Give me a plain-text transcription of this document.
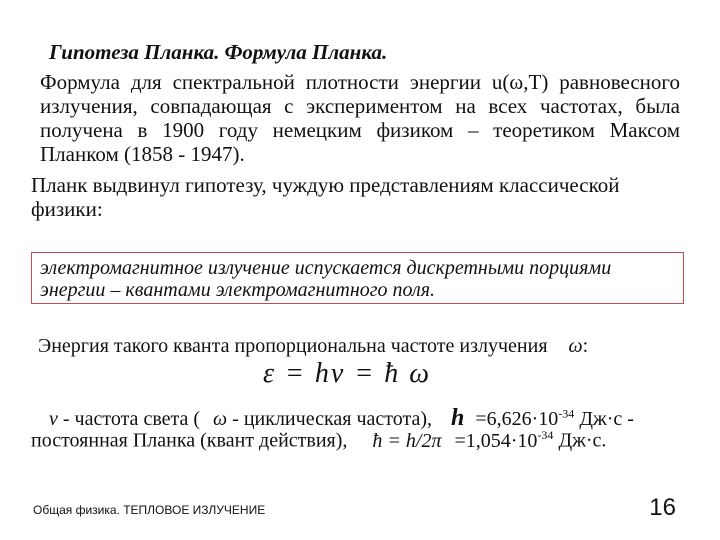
Гипотеза Планка. Формула Планка.
Формула для спектральной плотности энергии u(ω,T) равновесного излучения, совпадающая с экспериментом на всех частотах, была получена в 1900 году немецким физиком – теоретиком Максом Планком (1858 - 1947).
Планк выдвинул гипотезу, чуждую представлениям классической физики:
электромагнитное излучение испускается дискретными порциями энергии – квантами электромагнитного поля.
Энергия такого кванта пропорциональна частоте излучения ω:
ε = hν = ħ ω
ν - частота света ( ω - циклическая частота), $h =6,626\cdot 10^{-34}$ Дж·с -
постоянная Планка (квант действия), ħ = $h/2\pi =1,054\cdot 10^{-34}$ Дж·с.
Общая физика. ТЕПЛОВОЕ ИЗЛУЧЕНИЕ	16
